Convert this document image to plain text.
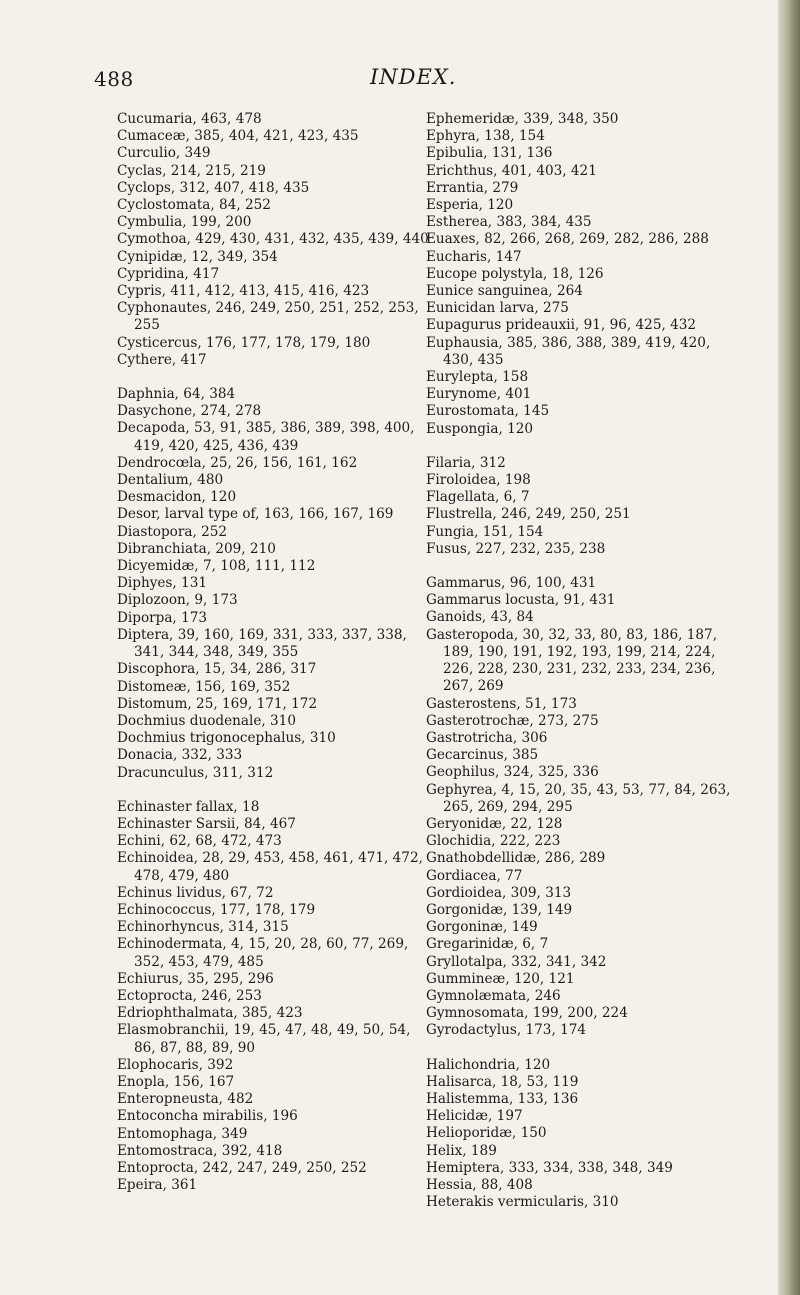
488	INDEX.
Cucumaria, 463, 478
Cumaceæ, 385, 404, 421, 423, 435
Curculio, 349
Cyclas, 214, 215, 219
Cyclops, 312, 407, 418, 435
Cyclostomata, 84, 252
Cymbulia, 199, 200
Cymothoa, 429, 430, 431, 432, 435, 439, 440
Cynipidæ, 12, 349, 354
Cypridina, 417
Cypris, 411, 412, 413, 415, 416, 423
Cyphonautes, 246, 249, 250, 251, 252, 253, 255
Cysticercus, 176, 177, 178, 179, 180
Cythere, 417
Daphnia, 64, 384
Dasychone, 274, 278
Decapoda, 53, 91, 385, 386, 389, 398, 400, 419, 420, 425, 436, 439
Dendrocœla, 25, 26, 156, 161, 162
Dentalium, 480
Desmacidon, 120
Desor, larval type of, 163, 166, 167, 169
Diastopora, 252
Dibranchiata, 209, 210
Dicyemidæ, 7, 108, 111, 112
Diphyes, 131
Diplozoon, 9, 173
Diporpa, 173
Diptera, 39, 160, 169, 331, 333, 337, 338, 341, 344, 348, 349, 355
Discophora, 15, 34, 286, 317
Distomeæ, 156, 169, 352
Distomum, 25, 169, 171, 172
Dochmius duodenale, 310
Dochmius trigonocephalus, 310
Donacia, 332, 333
Dracunculus, 311, 312
Echinaster fallax, 18
Echinaster Sarsii, 84, 467
Echini, 62, 68, 472, 473
Echinoidea, 28, 29, 453, 458, 461, 471, 472, 478, 479, 480
Echinus lividus, 67, 72
Echinococcus, 177, 178, 179
Echinorhyncus, 314, 315
Echinodermata, 4, 15, 20, 28, 60, 77, 269, 352, 453, 479, 485
Echiurus, 35, 295, 296
Ectoprocta, 246, 253
Edriophthalmata, 385, 423
Elasmobranchii, 19, 45, 47, 48, 49, 50, 54, 86, 87, 88, 89, 90
Elophocaris, 392
Enopla, 156, 167
Enteropneusta, 482
Entoconcha mirabilis, 196
Entomophaga, 349
Entomostraca, 392, 418
Entoprocta, 242, 247, 249, 250, 252
Epeira, 361
Ephemeridæ, 339, 348, 350
Ephyra, 138, 154
Epibulia, 131, 136
Erichthus, 401, 403, 421
Errantia, 279
Esperia, 120
Estherea, 383, 384, 435
Euaxes, 82, 266, 268, 269, 282, 286, 288
Eucharis, 147
Eucope polystyla, 18, 126
Eunice sanguinea, 264
Eunicidan larva, 275
Eupagurus prideauxii, 91, 96, 425, 432
Euphausia, 385, 386, 388, 389, 419, 420, 430, 435
Eurylepta, 158
Eurynome, 401
Eurostomata, 145
Euspongia, 120
Filaria, 312
Firoloidea, 198
Flagellata, 6, 7
Flustrella, 246, 249, 250, 251
Fungia, 151, 154
Fusus, 227, 232, 235, 238
Gammarus, 96, 100, 431
Gammarus locusta, 91, 431
Ganoids, 43, 84
Gasteropoda, 30, 32, 33, 80, 83, 186, 187, 189, 190, 191, 192, 193, 199, 214, 224, 226, 228, 230, 231, 232, 233, 234, 236, 267, 269
Gasterostens, 51, 173
Gasterotrochæ, 273, 275
Gastrotricha, 306
Gecarcinus, 385
Geophilus, 324, 325, 336
Gephyrea, 4, 15, 20, 35, 43, 53, 77, 84, 263, 265, 269, 294, 295
Geryonidæ, 22, 128
Glochidia, 222, 223
Gnathobdellidæ, 286, 289
Gordiacea, 77
Gordioidea, 309, 313
Gorgonidæ, 139, 149
Gorgoninæ, 149
Gregarinidæ, 6, 7
Gryllotalpa, 332, 341, 342
Gummineæ, 120, 121
Gymnolæmata, 246
Gymnosomata, 199, 200, 224
Gyrodactylus, 173, 174
Halichondria, 120
Halisarca, 18, 53, 119
Halistemma, 133, 136
Helicidæ, 197
Helioporidæ, 150
Helix, 189
Hemiptera, 333, 334, 338, 348, 349
Hessia, 88, 408
Heterakis vermicularis, 310
